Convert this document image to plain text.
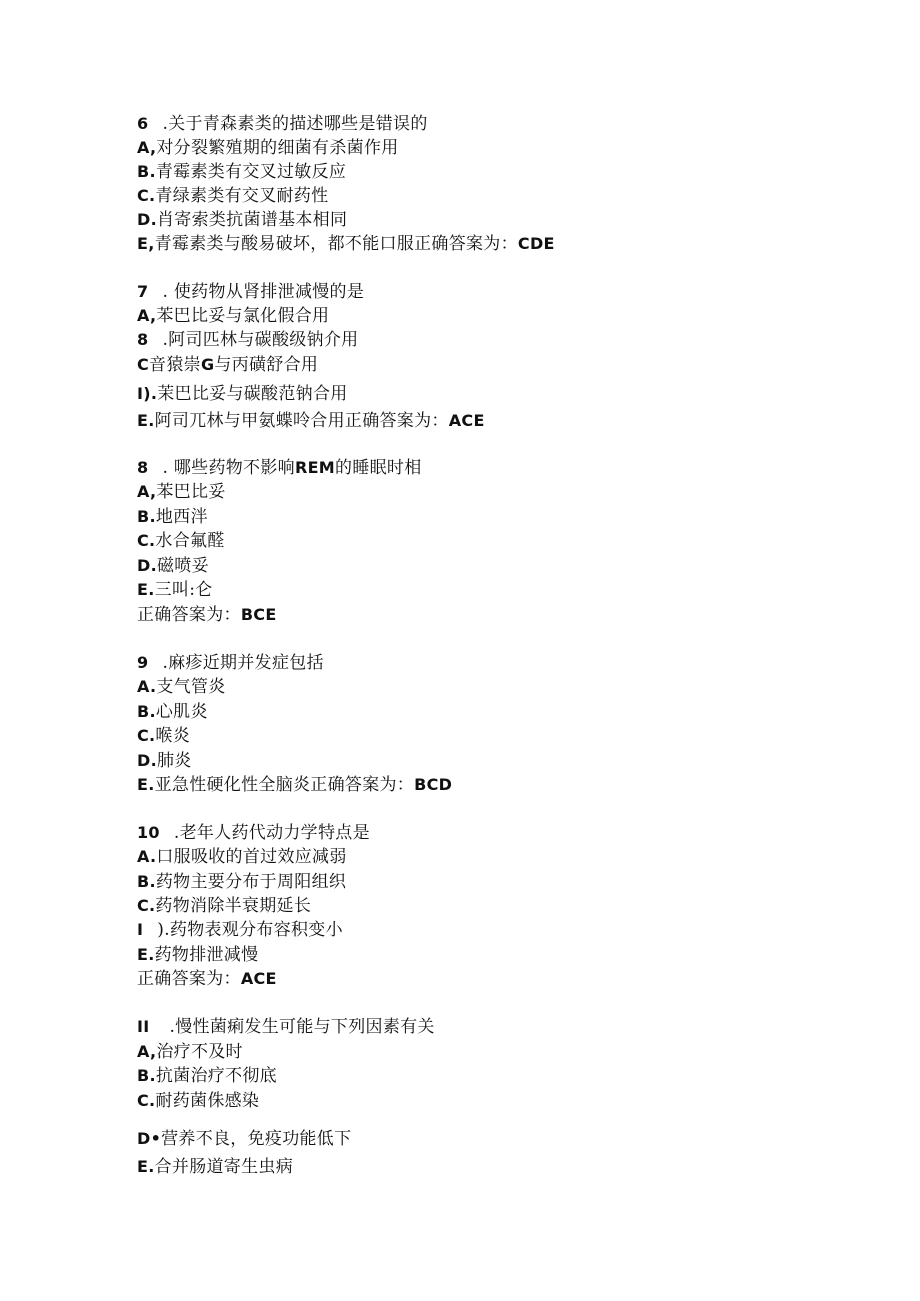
6 .关于青森素类的描述哪些是错误的
A,对分裂繁殖期的细菌有杀菌作用
B.青霉素类有交叉过敏反应
C.青绿素类有交叉耐药性
D.肖寄索类抗菌谱基本相同
E,青霉素类与酸易破坏，都不能口服正确答案为：CDE
7 . 使药物从肾排泄减慢的是
A,苯巴比妥与氯化假合用
8 .阿司匹林与碳酸级钠介用
C音猿崇G与丙磺舒合用
I).茉巴比妥与碳酸范钠合用
E.阿司兀林与甲氨蝶呤合用正确答案为：ACE
8 . 哪些药物不影响REM的睡眠时相
A,苯巴比妥
B.地西泮
C.水合氟醛
D.磁喷妥
E.三叫:仑
正确答案为：BCE
9 .麻疹近期并发症包括
A.支气管炎
B.心肌炎
C.喉炎
D.肺炎
E.亚急性硬化性全脑炎正确答案为：BCD
10 .老年人药代动力学特点是
A.口服吸收的首过效应减弱
B.药物主要分布于周阳组织
C.药物消除半衰期延长
I ).药物表观分布容积变小
E.药物排泄减慢
正确答案为：ACE
II .慢性菌痢发生可能与下列因素有关
A,治疗不及时
B.抗菌治疗不彻底
C.耐药菌侏感染
D•营养不良，免疫功能低下
E.合并肠道寄生虫病
